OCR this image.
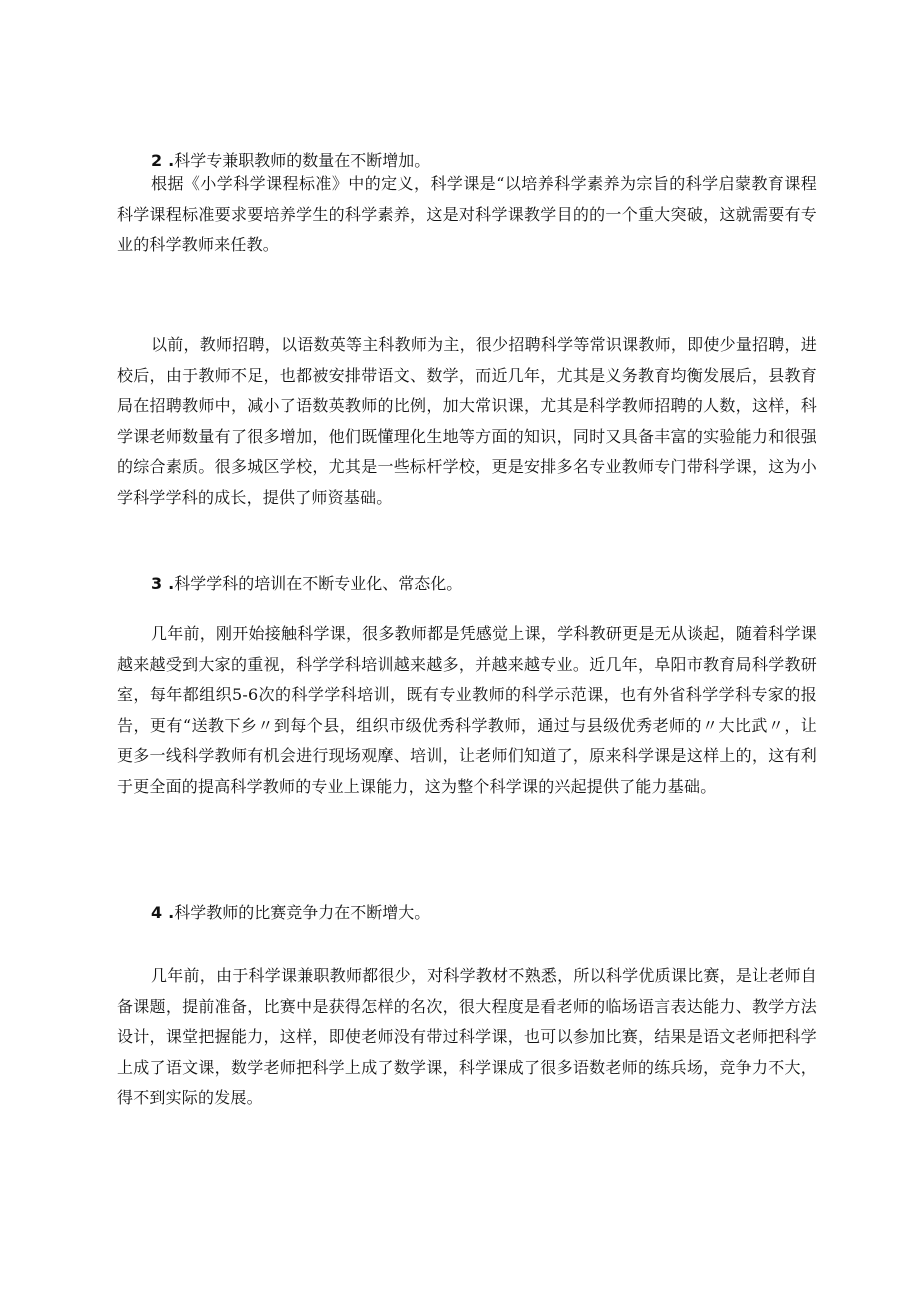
2 .科学专兼职教师的数量在不断增加。

根据《小学科学课程标准》中的定义，科学课是“以培养科学素养为宗旨的科学启蒙教育课程科学课程标准要求要培养学生的科学素养，这是对科学课教学目的的一个重大突破，这就需要有专业的科学教师来任教。

以前，教师招聘，以语数英等主科教师为主，很少招聘科学等常识课教师，即使少量招聘，进校后，由于教师不足，也都被安排带语文、数学，而近几年，尤其是义务教育均衡发展后，县教育局在招聘教师中，减小了语数英教师的比例，加大常识课，尤其是科学教师招聘的人数，这样，科学课老师数量有了很多增加，他们既懂理化生地等方面的知识，同时又具备丰富的实验能力和很强的综合素质。很多城区学校，尤其是一些标杆学校，更是安排多名专业教师专门带科学课，这为小学科学学科的成长，提供了师资基础。

3 .科学学科的培训在不断专业化、常态化。

几年前，刚开始接触科学课，很多教师都是凭感觉上课，学科教研更是无从谈起，随着科学课越来越受到大家的重视，科学学科培训越来越多，并越来越专业。近几年，阜阳市教育局科学教研室，每年都组织5-6次的科学学科培训，既有专业教师的科学示范课，也有外省科学学科专家的报告，更有“送教下乡〃到每个县，组织市级优秀科学教师，通过与县级优秀老师的〃大比武〃，让更多一线科学教师有机会进行现场观摩、培训，让老师们知道了，原来科学课是这样上的，这有利于更全面的提高科学教师的专业上课能力，这为整个科学课的兴起提供了能力基础。

4 .科学教师的比赛竞争力在不断增大。

几年前，由于科学课兼职教师都很少，对科学教材不熟悉，所以科学优质课比赛，是让老师自备课题，提前准备，比赛中是获得怎样的名次，很大程度是看老师的临场语言表达能力、教学方法设计，课堂把握能力，这样，即使老师没有带过科学课，也可以参加比赛，结果是语文老师把科学上成了语文课，数学老师把科学上成了数学课，科学课成了很多语数老师的练兵场，竞争力不大，得不到实际的发展。
